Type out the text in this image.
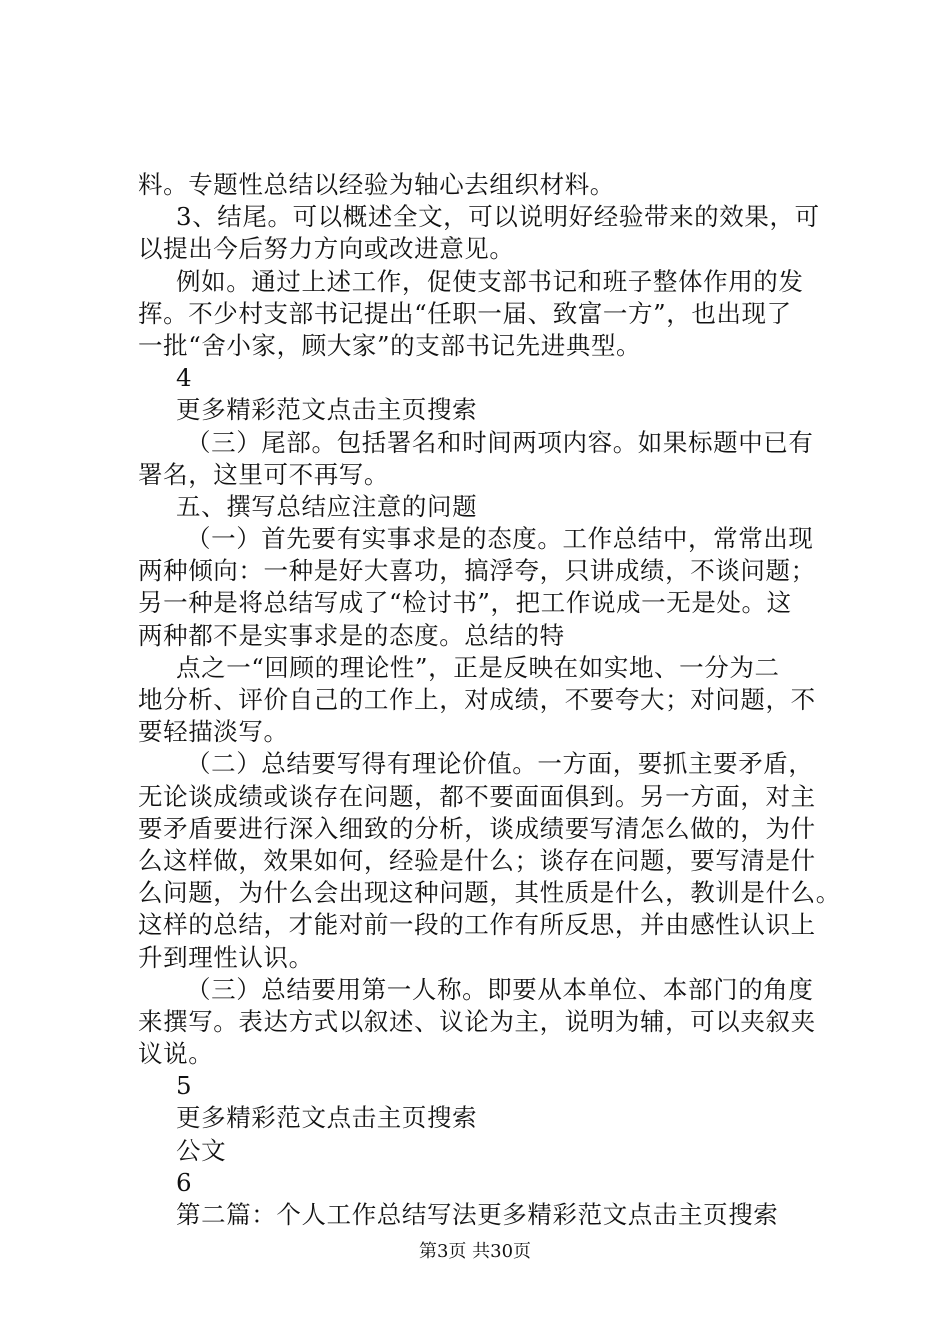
料。专题性总结以经验为轴心去组织材料。
3、结尾。可以概述全文，可以说明好经验带来的效果，可
以提出今后努力方向或改进意见。
例如。通过上述工作，促使支部书记和班子整体作用的发
挥。不少村支部书记提出“任职一届、致富一方”，也出现了
一批“舍小家，顾大家”的支部书记先进典型。
4
更多精彩范文点击主页搜索
（三）尾部。包括署名和时间两项内容。如果标题中已有
署名，这里可不再写。
五、撰写总结应注意的问题
（一）首先要有实事求是的态度。工作总结中，常常出现
两种倾向：一种是好大喜功，搞浮夸，只讲成绩，不谈问题；
另一种是将总结写成了“检讨书”，把工作说成一无是处。这
两种都不是实事求是的态度。总结的特
点之一“回顾的理论性”，正是反映在如实地、一分为二
地分析、评价自己的工作上，对成绩，不要夸大；对问题，不
要轻描淡写。
（二）总结要写得有理论价值。一方面，要抓主要矛盾，
无论谈成绩或谈存在问题，都不要面面俱到。另一方面，对主
要矛盾要进行深入细致的分析，谈成绩要写清怎么做的，为什
么这样做，效果如何，经验是什么；谈存在问题，要写清是什
么问题，为什么会出现这种问题，其性质是什么，教训是什么。
这样的总结，才能对前一段的工作有所反思，并由感性认识上
升到理性认识。
（三）总结要用第一人称。即要从本单位、本部门的角度
来撰写。表达方式以叙述、议论为主，说明为辅，可以夹叙夹
议说。
5
更多精彩范文点击主页搜索
公文
6
第二篇：个人工作总结写法更多精彩范文点击主页搜索
第3页 共30页
